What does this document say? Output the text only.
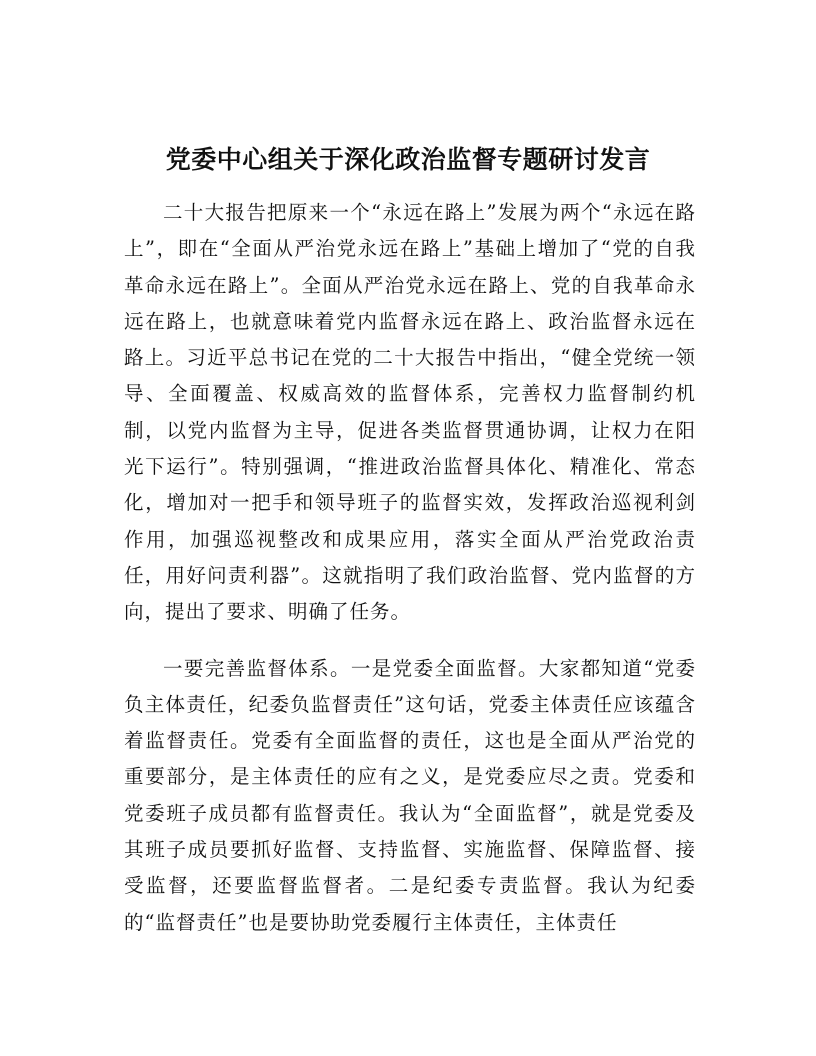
党委中心组关于深化政治监督专题研讨发言

二十大报告把原来一个“永远在路上”发展为两个“永远在路上”，即在“全面从严治党永远在路上”基础上增加了“党的自我革命永远在路上”。全面从严治党永远在路上、党的自我革命永远在路上，也就意味着党内监督永远在路上、政治监督永远在路上。习近平总书记在党的二十大报告中指出，“健全党统一领导、全面覆盖、权威高效的监督体系，完善权力监督制约机制，以党内监督为主导，促进各类监督贯通协调，让权力在阳光下运行”。特别强调，“推进政治监督具体化、精准化、常态化，增加对一把手和领导班子的监督实效，发挥政治巡视利剑作用，加强巡视整改和成果应用，落实全面从严治党政治责任，用好问责利器”。这就指明了我们政治监督、党内监督的方向，提出了要求、明确了任务。

一要完善监督体系。一是党委全面监督。大家都知道“党委负主体责任，纪委负监督责任”这句话，党委主体责任应该蕴含着监督责任。党委有全面监督的责任，这也是全面从严治党的重要部分，是主体责任的应有之义，是党委应尽之责。党委和党委班子成员都有监督责任。我认为“全面监督”，就是党委及其班子成员要抓好监督、支持监督、实施监督、保障监督、接受监督，还要监督监督者。二是纪委专责监督。我认为纪委的“监督责任”也是要协助党委履行主体责任，主体责任
